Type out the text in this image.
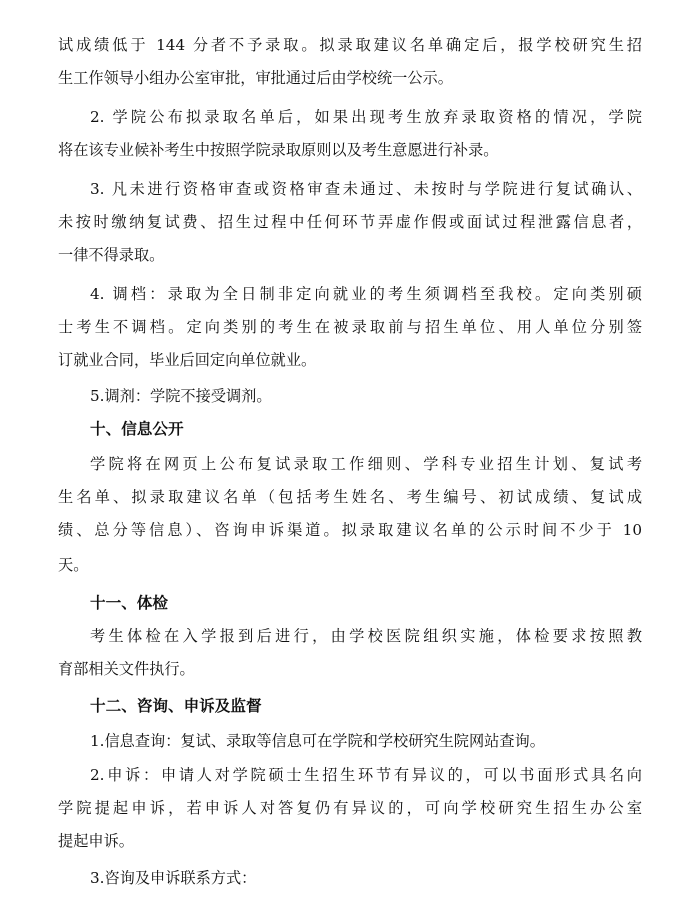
试成绩低于 144 分者不予录取。拟录取建议名单确定后，报学校研究生招
生工作领导小组办公室审批，审批通过后由学校统一公示。
2. 学院公布拟录取名单后，如果出现考生放弃录取资格的情况，学院
将在该专业候补考生中按照学院录取原则以及考生意愿进行补录。
3. 凡未进行资格审查或资格审查未通过、未按时与学院进行复试确认、
未按时缴纳复试费、招生过程中任何环节弄虚作假或面试过程泄露信息者，
一律不得录取。
4. 调档：录取为全日制非定向就业的考生须调档至我校。定向类别硕
士考生不调档。定向类别的考生在被录取前与招生单位、用人单位分别签
订就业合同，毕业后回定向单位就业。
5.调剂：学院不接受调剂。
十、信息公开
学院将在网页上公布复试录取工作细则、学科专业招生计划、复试考
生名单、拟录取建议名单（包括考生姓名、考生编号、初试成绩、复试成
绩、总分等信息）、咨询申诉渠道。拟录取建议名单的公示时间不少于 10
天。
十一、体检
考生体检在入学报到后进行，由学校医院组织实施，体检要求按照教
育部相关文件执行。
十二、咨询、申诉及监督
1.信息查询：复试、录取等信息可在学院和学校研究生院网站查询。
2.申诉：申请人对学院硕士生招生环节有异议的，可以书面形式具名向
学院提起申诉，若申诉人对答复仍有异议的，可向学校研究生招生办公室
提起申诉。
3.咨询及申诉联系方式：
